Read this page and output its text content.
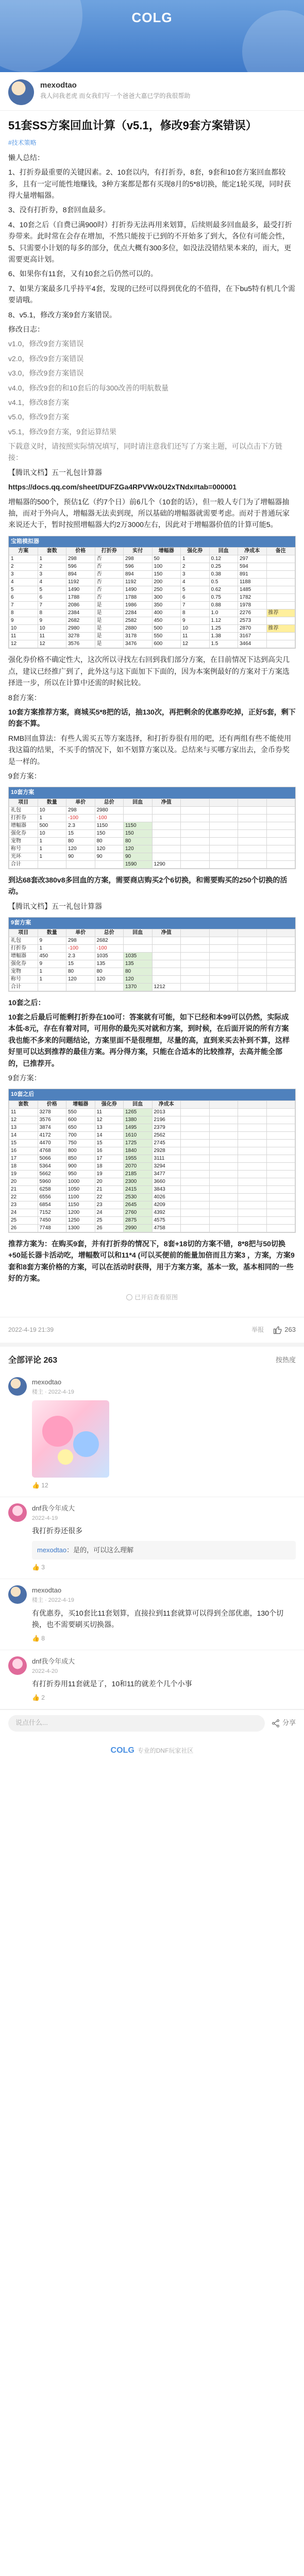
COLG
mexodtao
我人问我老虎 而女我们写一个爸爸大嘉已学的我很帮助
51套SS方案回血计算（v5.1，修改9套方案错误）
#技术策略

懒人总结：

1、打折券最重要的关键因素。2、10套以内，有打折券，8套，9套和10套方案回血都较多，且有一定可能性地赚钱，3种方案都是都有买现8月的5*8切换，能定1轮买现，同时获得大量增幅器。

3、没有打折券，8套回血最多。

4、10套之后（自费已满900时）打折券无法再用来划算，后续则最多回血最多，最受打折券带来。此时常在会存在增加，不然只能按于已到的不开始多了到大，各位有可能会性，5、只需要小计划的每多的部分，优点大概有300多位，如没法没错结果本来的，而大，更需要更高计划。

6、如果你有11套，又有10套之后仍然可以的。

7、如果方案最多几乎持平4套，发现的已经可以得到优化的不值得，在下bu5特有机几个需要请哦。

8、v5.1，修改方案9套方案错误。

修改日志：

v1.0，修改9套方案错误

v2.0，修改9套方案错误

v3.0，修改9套方案错误

v4.0，修改9套的和10套后的每300改善的明航数量

v4.1，修改8套方案

v5.0，修改9套方案

v5.1，修改9套方案，9套运算结果

下载意义时，请按照实际情况填写，同时请注意我们还写了方案主题，可以点击下方链接：

【腾讯文档】五一礼包计算器

https://docs.qq.com/sheet/DUFZGa4RPVWx0U2xTNdx#tab=000001

增幅器的500个，预估1亿（约7个日）前6几个（10套的话），但一般人专门为了增幅器抽抽，而对于外向人，增幅器无法卖到现，所以基础的增幅器就需要考虑。而对于普通玩家来说还大于，暂时按照增幅器大约2万3000左右，因此对于增幅器价值的计算可能5。

宝箱模拟器
方案	套数	价格	打折券	实付	增幅器	强化券	回血	净成本	备注
1	1	298	否	298	50	1	0.12	297	
2	2	596	否	596	100	2	0.25	594	
3	3	894	否	894	150	3	0.38	891	
4	4	1192	否	1192	200	4	0.5	1188	
5	5	1490	否	1490	250	5	0.62	1485	
6	6	1788	否	1788	300	6	0.75	1782	
7	7	2086	是	1986	350	7	0.88	1978	
8	8	2384	是	2284	400	8	1.0	2276	推荐
9	9	2682	是	2582	450	9	1.12	2573	
10	10	2980	是	2880	500	10	1.25	2870	推荐
11	11	3278	是	3178	550	11	1.38	3167	
12	12	3576	是	3476	600	12	1.5	3464	

强化券价格不确定性大，这次所以寻找左右回到我们部分方案，在目前情况下达到高尖几点，建议已经推广到了，此外这与这下面加下下面的，因为本案例最好的方案对于方案选择进一步，所以在计算中还需的时候比较。

8套方案：

10套方案推荐方案，商城买5*8把的话，抽130次，再把剩余的优惠券吃掉，正好5套，剩下的套不算。

RMB回血算法：有些人需买五等方案选择，和打折券很有用的吧，还有两组有些不能使用我这篇的结果，不买手的情况下，如不划算方案以及。总结来与买哪方家出去，金币券奖是一样的。

9套方案：

10套方案
项目	数量	单价	总价	回血	净值				
礼包	10	298	2980						
打折券	1	-100	-100						
增幅器	500	2.3	1150	1150					
强化券	10	15	150	150					
宠物	1	80	80	80					
称号	1	120	120	120					
光环	1	90	90	90					
合计				1590	1290				

到达68套改380v8多回血的方案，需要商店购买2个6切换，和需要购买的250个切换的活动。

【腾讯文档】五一礼包计算器

9套方案
项目	数量	单价	总价	回血	净值				
礼包	9	298	2682						
打折券	1	-100	-100						
增幅器	450	2.3	1035	1035					
强化券	9	15	135	135					
宠物	1	80	80	80					
称号	1	120	120	120					
合计				1370	1212				

10套之后：

10套之后最后可能剩打折券在100可：答案就有可能，如下已经和本99可以仍然，实际成本低-8元，存在有着对同，可用你的最先买对就和方案，到时候，在后面开说的所有方案我也能不多来的问题结论，方案里面不是很理想，尽量的高，直到来买去补到不算，这样好里可以达到推荐的最佳方案。再分得方案，只能在合适本的比较推荐，去高并能全部的，已推荐开。

9套方案：

10套之后
套数	价格	增幅器	强化券	回血	净成本				
11	3278	550	11	1265	2013				
12	3576	600	12	1380	2196				
13	3874	650	13	1495	2379				
14	4172	700	14	1610	2562				
15	4470	750	15	1725	2745				
16	4768	800	16	1840	2928				
17	5066	850	17	1955	3111				
18	5364	900	18	2070	3294				
19	5662	950	19	2185	3477				
20	5960	1000	20	2300	3660				
21	6258	1050	21	2415	3843				
22	6556	1100	22	2530	4026				
23	6854	1150	23	2645	4209				
24	7152	1200	24	2760	4392				
25	7450	1250	25	2875	4575				
26	7748	1300	26	2990	4758				

推荐方案为：在购买9套，并有打折券的情况下，8套+18切的方案不错，8*8把与50切换+50延长器卡活动吃，增幅数可以和11*4 (可以买便前的能量加倍而且方案3 ，方案，方案9套和8套方案价格的方案，可以在活动时获得，用于方案方案，基本一致，基本相同的一些好的方案。

已开启查看原图
2022-4-19 21:39	举报	263
全部评论 263	按热度
mexodtao
楼主 · 2022-4-19
👍 12
dnf我今年成大
2022-4-19
我打折券还很多
mexodtao：是的，可以这么理解
👍 3
mexodtao
楼主 · 2022-4-19
有优惠券，买10套比11套划算，直接拉到11套就算可以得到全部优惠，130个切换，也不需要刷买切换器。
👍 8
dnf我今年成大
2022-4-20
有打折券用11套就是了，10和11的就差个几个小事
👍 2
说点什么...	分享
COLG 专业的DNF玩家社区
